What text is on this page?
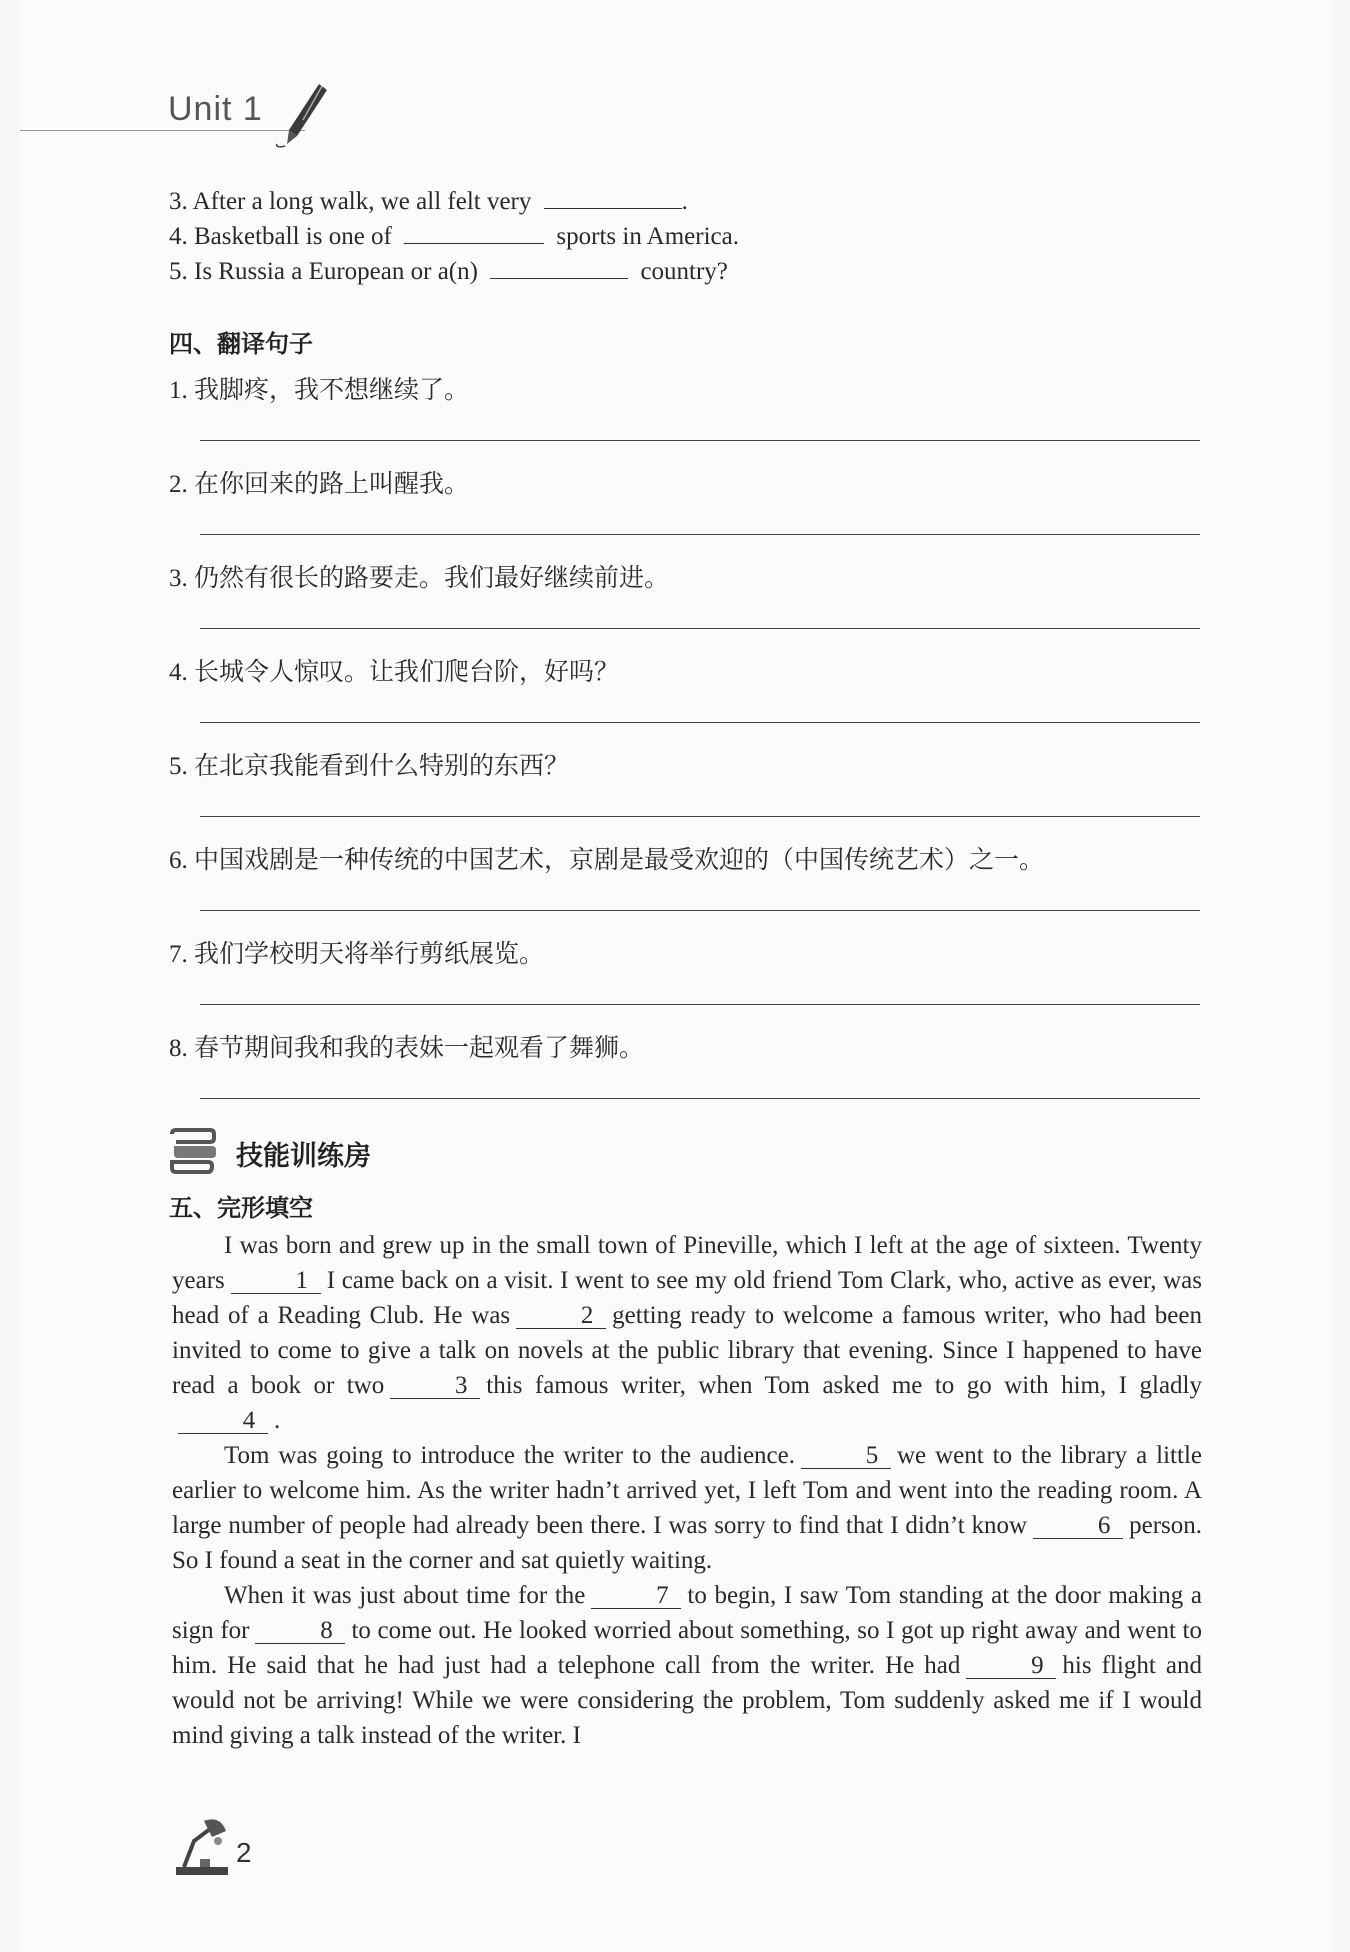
Unit 1
3. After a long walk, we all felt very	.
4. Basketball is one of	sports in America.
5. Is Russia a European or a(n)	country?
四、翻译句子
1. 我脚疼，我不想继续了。
2. 在你回来的路上叫醒我。
3. 仍然有很长的路要走。我们最好继续前进。
4. 长城令人惊叹。让我们爬台阶，好吗？
5. 在北京我能看到什么特别的东西？
6. 中国戏剧是一种传统的中国艺术，京剧是最受欢迎的（中国传统艺术）之一。
7. 我们学校明天将举行剪纸展览。
8. 春节期间我和我的表妹一起观看了舞狮。
技能训练房
五、完形填空

I was born and grew up in the small town of Pineville, which I left at the age of sixteen. Twenty years	1 I came back on a visit. I went to see my old friend Tom Clark, who, active as ever, was head of a Reading Club. He was	2 getting ready to welcome a famous writer, who had been invited to come to give a talk on novels at the public library that evening. Since I happened to have read a book or two	3 this famous writer, when Tom asked me to go with him, I gladly4 .

Tom was going to introduce the writer to the audience.	5 we went to the library a little earlier to welcome him. As the writer hadn’t arrived yet, I left Tom and went into the reading room. A large number of people had already been there. I was sorry to find that I didn’t know	6 person. So I found a seat in the corner and sat quietly waiting.

When it was just about time for the	7 to begin, I saw Tom standing at the door making a sign for	8 to come out. He looked worried about something, so I got up right away and went to him. He said that he had just had a telephone call from the writer. He had	9 his flight and would not be arriving! While we were considering the problem, Tom suddenly asked me if I would mind giving a talk instead of the writer. I

2
